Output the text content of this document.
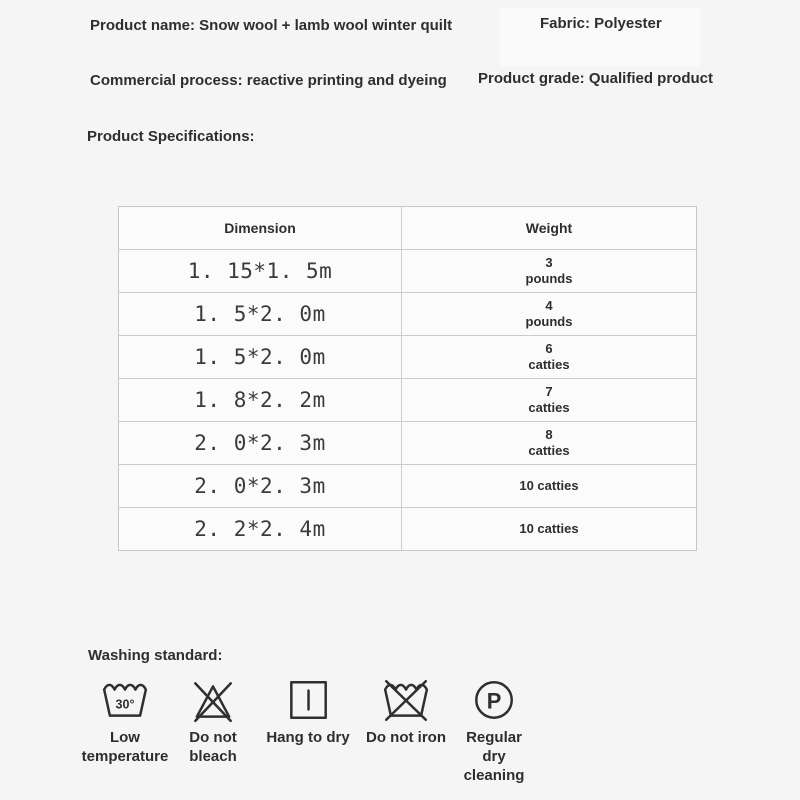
Product name: Snow wool + lamb wool winter quilt	Fabric: Polyester
Commercial process: reactive printing and dyeing Product grade: Qualified product
Product Specifications:
Dimension	Weight
1. 15*1. 5m	3
pounds
1. 5*2. 0m	4
pounds
1. 5*2. 0m	6
catties
1. 8*2. 2m	7
catties
2. 0*2. 3m	8
catties
2. 0*2. 3m	10 catties
2. 2*2. 4m	10 catties
Washing standard:
30°
Low
temperature
Do not
bleach
Hang to dry Do not iron
P
Regular
dry
cleaning
